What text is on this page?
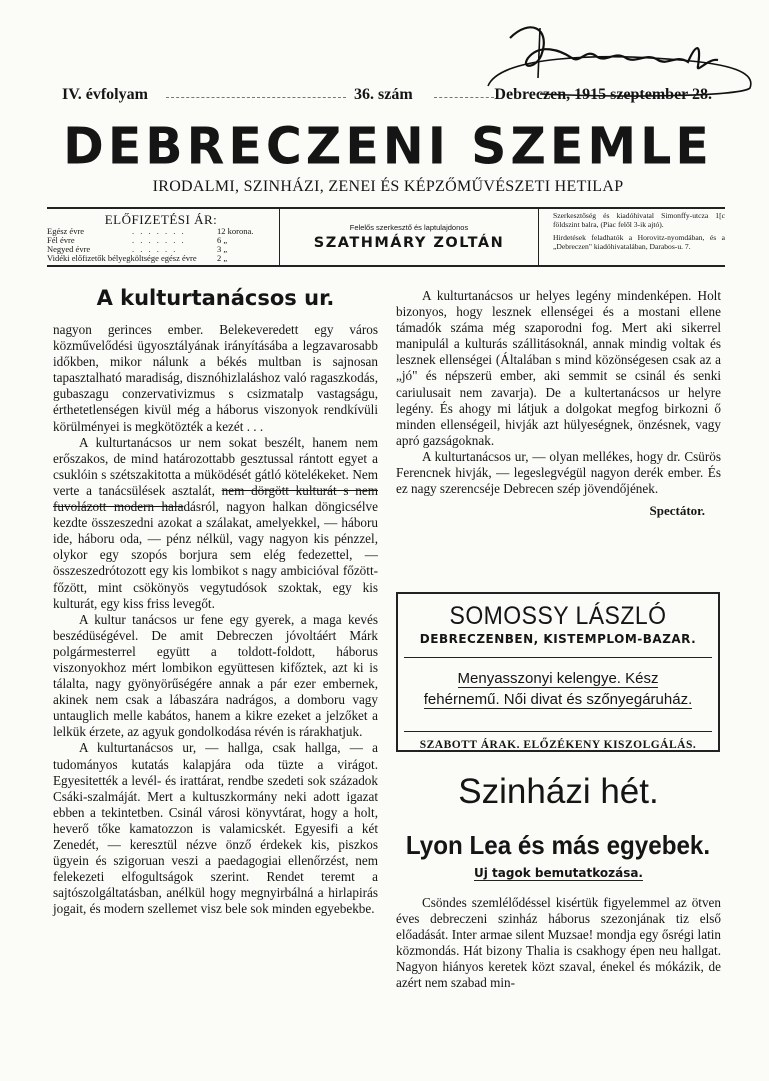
IV. évfolyam	36. szám	Debreczen, 1915 szeptember 28.
DEBRECZENI SZEMLE
IRODALMI, SZINHÁZI, ZENEI ÉS KÉPZŐMŰVÉSZETI HETILAP
ELŐFIZETÉSI ÁR:
Egész évre	. . . . . . .	12 korona.
Fél évre	. . . . . . .	6 „
Negyed évre	. . . . . .	3 „
Vidéki előfizetők bélyegköltsége egész évre	2 „
Felelős szerkesztő és laptulajdonos
SZATHMÁRY ZOLTÁN
Szerkesztőség és kiadóhivatal Simonffy-utcza 1[c földszint balra, (Piac felől 3-ik ajtó).
Hirdetések feladhatók a Horovitz-nyomdában, és a „Debreczen" kiadóhivatalában, Darabos-u. 7.
A kulturtanácsos ur.

nagyon gerinces ember. Belekeveredett egy város közművelődési ügyosztályának irányításába a legzavarosabb időkben, mikor nálunk a békés multban is sajnosan tapasztalható maradiság, disznóhizlaláshoz való ragaszkodás, gubaszagu conzervativizmus s csizmatalp vastagságu, érthetetlenségen kivül még a háborus viszonyok rendkívüli körülményei is megkötözték a kezét . . .

A kulturtanácsos ur nem sokat beszélt, hanem nem erőszakos, de mind határozottabb gesztussal rántott egyet a csuklóin s szétszakitotta a müködését gátló kötelékeket. Nem verte a tanácsülések asztalát, nem dörgött kulturát s nem fuvolázott modern haladásról, nagyon halkan döngicsélve kezdte összeszedni azokat a szálakat, amelyekkel, — háboru ide, háboru oda, — pénz nélkül, vagy nagyon kis pénzzel, olykor egy szopós borjura sem elég fedezettel, — összeszedrótozott egy kis lombikot s nagy ambicióval főzött-főzött, mint csökönyös vegytudósok szoktak, egy kis kulturát, egy kiss friss levegőt.

A kultur tanácsos ur fene egy gyerek, a maga kevés beszédüségével. De amit Debreczen jóvoltáért Márk polgármesterrel együtt a toldott-foldott, háborus viszonyokhoz mért lombikon együttesen kifőztek, azt ki is tálalta, nagy gyönyörűségére annak a pár ezer embernek, akinek nem csak a lábaszára nadrágos, a domboru vagy untauglich melle kabátos, hanem a kikre ezeket a jelzőket a lelkük érzete, az agyuk gondolkodása révén is rárakhatjuk.

A kulturtanácsos ur, — hallga, csak hallga, — a tudományos kutatás kalapjára oda tüzte a virágot. Egyesitették a levél- és irattárat, rendbe szedeti sok századok Csáki-szalmáját. Mert a kultuszkormány neki adott igazat ebben a tekintetben. Csinál városi könyvtárat, hogy a holt, heverő tőke kamatozzon is valamicskét. Egyesifi a két Zenedét, — keresztül nézve önző érdekek kis, piszkos ügyein és szigoruan veszi a paedagogiai ellenőrzést, nem felekezeti elfogultságok szerint. Rendet teremt a sajtószolgáltatásban, anélkül hogy megnyirbálná a hirlapirás jogait, és modern szellemet visz bele sok minden egyebekbe.

A kulturtanácsos ur helyes legény mindenképen. Holt bizonyos, hogy lesznek ellenségei és a mostani ellene támadók száma még szaporodni fog. Mert aki sikerrel manipulál a kulturás szállitásoknál, annak mindig voltak és lesznek ellenségei (Általában s mind közönségesen csak az a „jó" és népszerü ember, aki semmit se csinál és senki cariulusait nem zavarja). De a kultertanácsos ur helyre legény. És ahogy mi látjuk a dolgokat megfog birkozni ő minden ellenségeil, hivják azt hülyeségnek, önzésnek, vagy apró gazságoknak.

A kulturtanácsos ur, — olyan mellékes, hogy dr. Csürös Ferencnek hivják, — legeslegvégül nagyon derék ember. És ez nagy szerencséje Debrecen szép jövendőjének.

Spectátor.
SOMOSSY LÁSZLÓ
DEBRECZENBEN, KISTEMPLOM-BAZAR.
Menyasszonyi kelengye. Kész fehérnemű. Női divat és szőnyegáruház.
SZABOTT ÁRAK. ELŐZÉKENY KISZOLGÁLÁS.
Szinházi hét.
Lyon Lea és más egyebek.
Uj tagok bemutatkozása.

Csöndes szemlélődéssel kisértük figyelemmel az ötven éves debreczeni szinház háborus szezonjának tiz első előadását. Inter armae silent Muzsae! mondja egy ősrégi latin közmondás. Hát bizony Thalia is csakhogy épen neu hallgat. Nagyon hiányos keretek közt szaval, énekel és mókázik, de azért nem szabad min-
